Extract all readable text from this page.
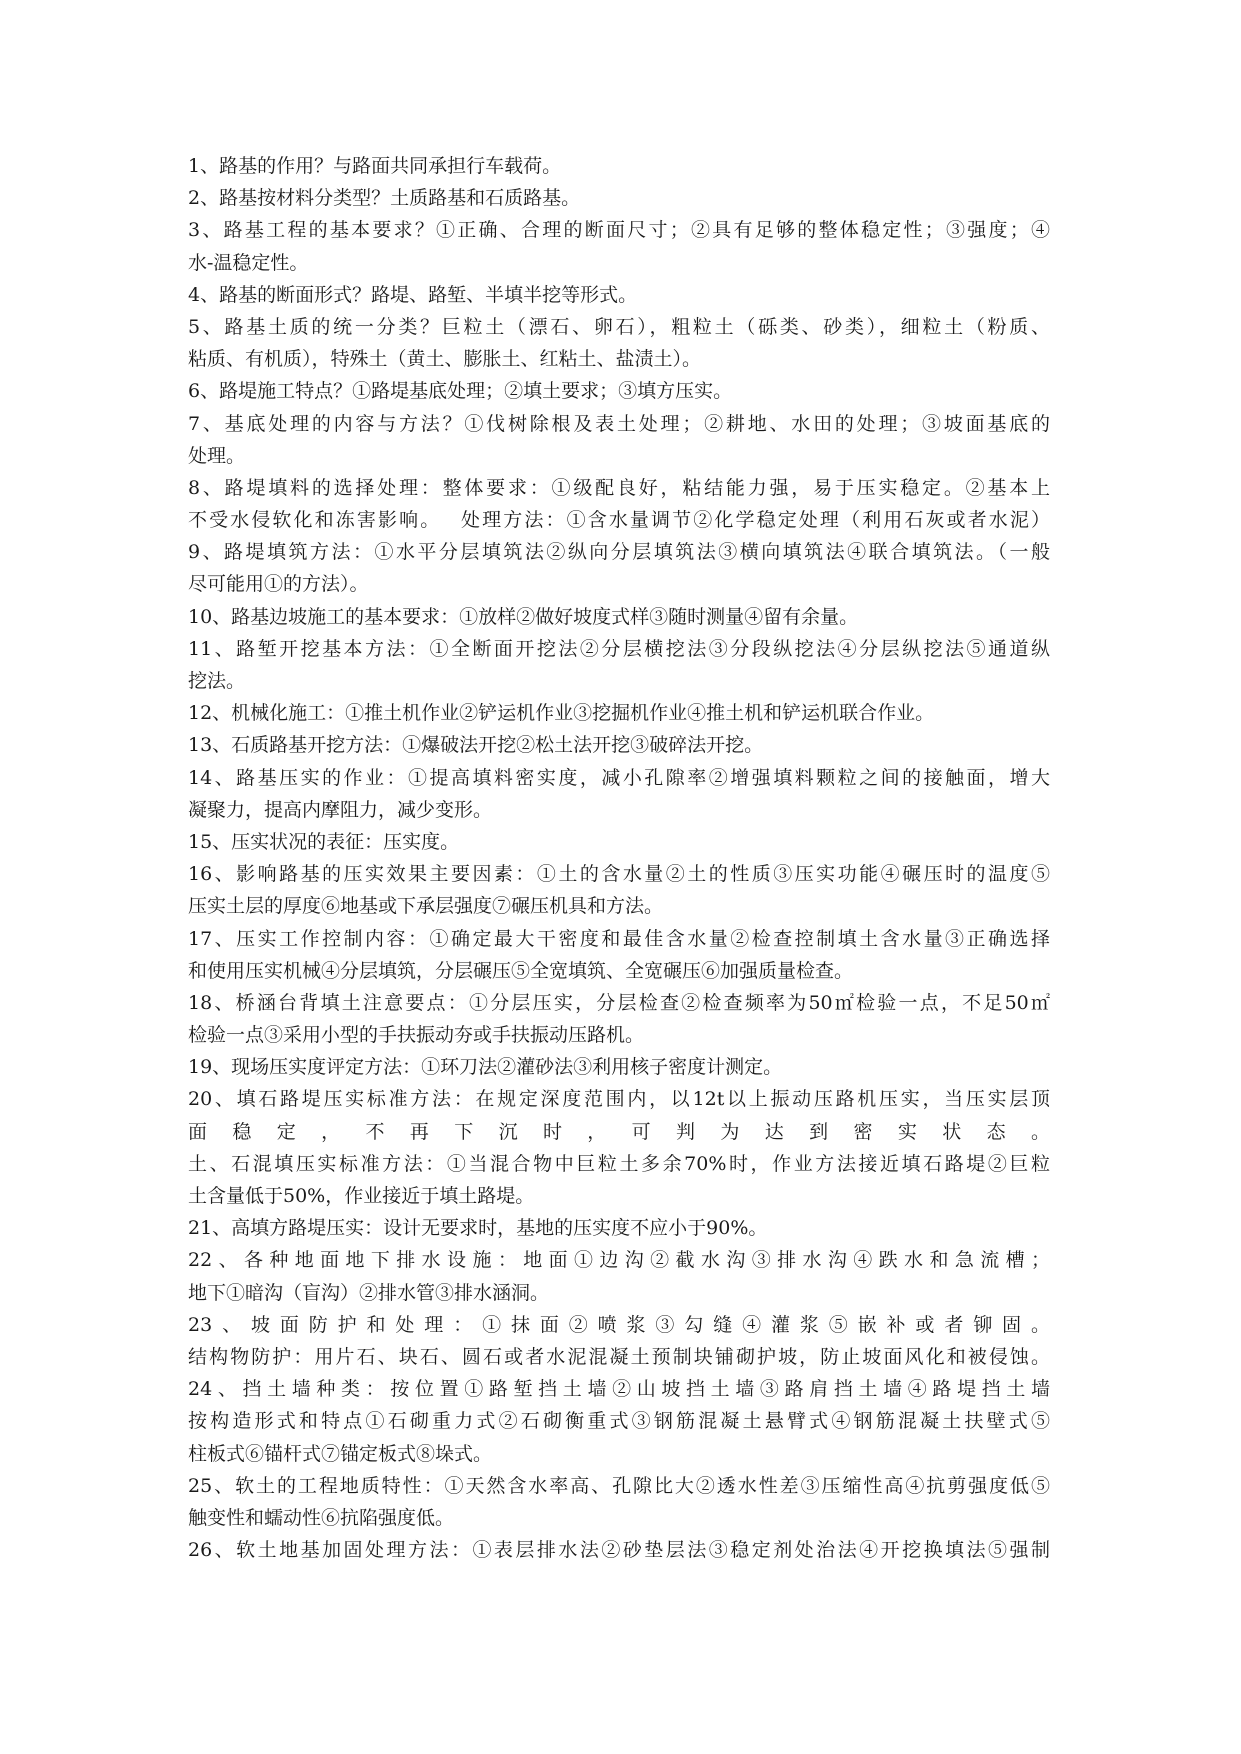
1、路基的作用？与路面共同承担行车载荷。
2、路基按材料分类型？土质路基和石质路基。
3、路基工程的基本要求？①正确、合理的断面尺寸；②具有足够的整体稳定性；③强度；④
水-温稳定性。
4、路基的断面形式？路堤、路堑、半填半挖等形式。
5、路基土质的统一分类？巨粒土（漂石、卵石），粗粒土（砾类、砂类），细粒土（粉质、
粘质、有机质），特殊土（黄土、膨胀土、红粘土、盐渍土）。
6、路堤施工特点？①路堤基底处理；②填土要求；③填方压实。
7、基底处理的内容与方法？①伐树除根及表土处理；②耕地、水田的处理；③坡面基底的
处理。
8、路堤填料的选择处理：整体要求：①级配良好，粘结能力强，易于压实稳定。②基本上
不受水侵软化和冻害影响。　 处理方法：①含水量调节②化学稳定处理（利用石灰或者水泥）
9、路堤填筑方法：①水平分层填筑法②纵向分层填筑法③横向填筑法④联合填筑法。（一般
尽可能用①的方法）。
10、路基边坡施工的基本要求：①放样②做好坡度式样③随时测量④留有余量。
11、路堑开挖基本方法：①全断面开挖法②分层横挖法③分段纵挖法④分层纵挖法⑤通道纵
挖法。
12、机械化施工：①推土机作业②铲运机作业③挖掘机作业④推土机和铲运机联合作业。
13、石质路基开挖方法：①爆破法开挖②松土法开挖③破碎法开挖。
14、路基压实的作业：①提高填料密实度，减小孔隙率②增强填料颗粒之间的接触面，增大
凝聚力，提高内摩阻力，减少变形。
15、压实状况的表征：压实度。
16、影响路基的压实效果主要因素：①土的含水量②土的性质③压实功能④碾压时的温度⑤
压实土层的厚度⑥地基或下承层强度⑦碾压机具和方法。
17、压实工作控制内容：①确定最大干密度和最佳含水量②检查控制填土含水量③正确选择
和使用压实机械④分层填筑，分层碾压⑤全宽填筑、全宽碾压⑥加强质量检查。
18、桥涵台背填土注意要点：①分层压实，分层检查②检查频率为50㎡检验一点，不足50㎡
检验一点③采用小型的手扶振动夯或手扶振动压路机。
19、现场压实度评定方法：①环刀法②灌砂法③利用核子密度计测定。
20、填石路堤压实标准方法：在规定深度范围内，以12t以上振动压路机压实，当压实层顶
面 稳 定 ， 不 再 下 沉 时 ， 可 判 为 达 到 密 实 状 态 。
土、石混填压实标准方法：①当混合物中巨粒土多余70%时，作业方法接近填石路堤②巨粒
土含量低于50%，作业接近于填土路堤。
21、高填方路堤压实：设计无要求时，基地的压实度不应小于90%。
22、各种地面地下排水设施：地面①边沟②截水沟③排水沟④跌水和急流槽；
地下①暗沟（盲沟）②排水管③排水涵洞。
23、坡面防护和处理：①抹面②喷浆③勾缝④灌浆⑤嵌补或者铆固。
结构物防护：用片石、块石、圆石或者水泥混凝土预制块铺砌护坡，防止坡面风化和被侵蚀。
24、挡土墙种类：按位置①路堑挡土墙②山坡挡土墙③路肩挡土墙④路堤挡土墙
按构造形式和特点①石砌重力式②石砌衡重式③钢筋混凝土悬臂式④钢筋混凝土扶壁式⑤
柱板式⑥锚杆式⑦锚定板式⑧垛式。
25、软土的工程地质特性：①天然含水率高、孔隙比大②透水性差③压缩性高④抗剪强度低⑤
触变性和蠕动性⑥抗陷强度低。
26、软土地基加固处理方法：①表层排水法②砂垫层法③稳定剂处治法④开挖换填法⑤强制
